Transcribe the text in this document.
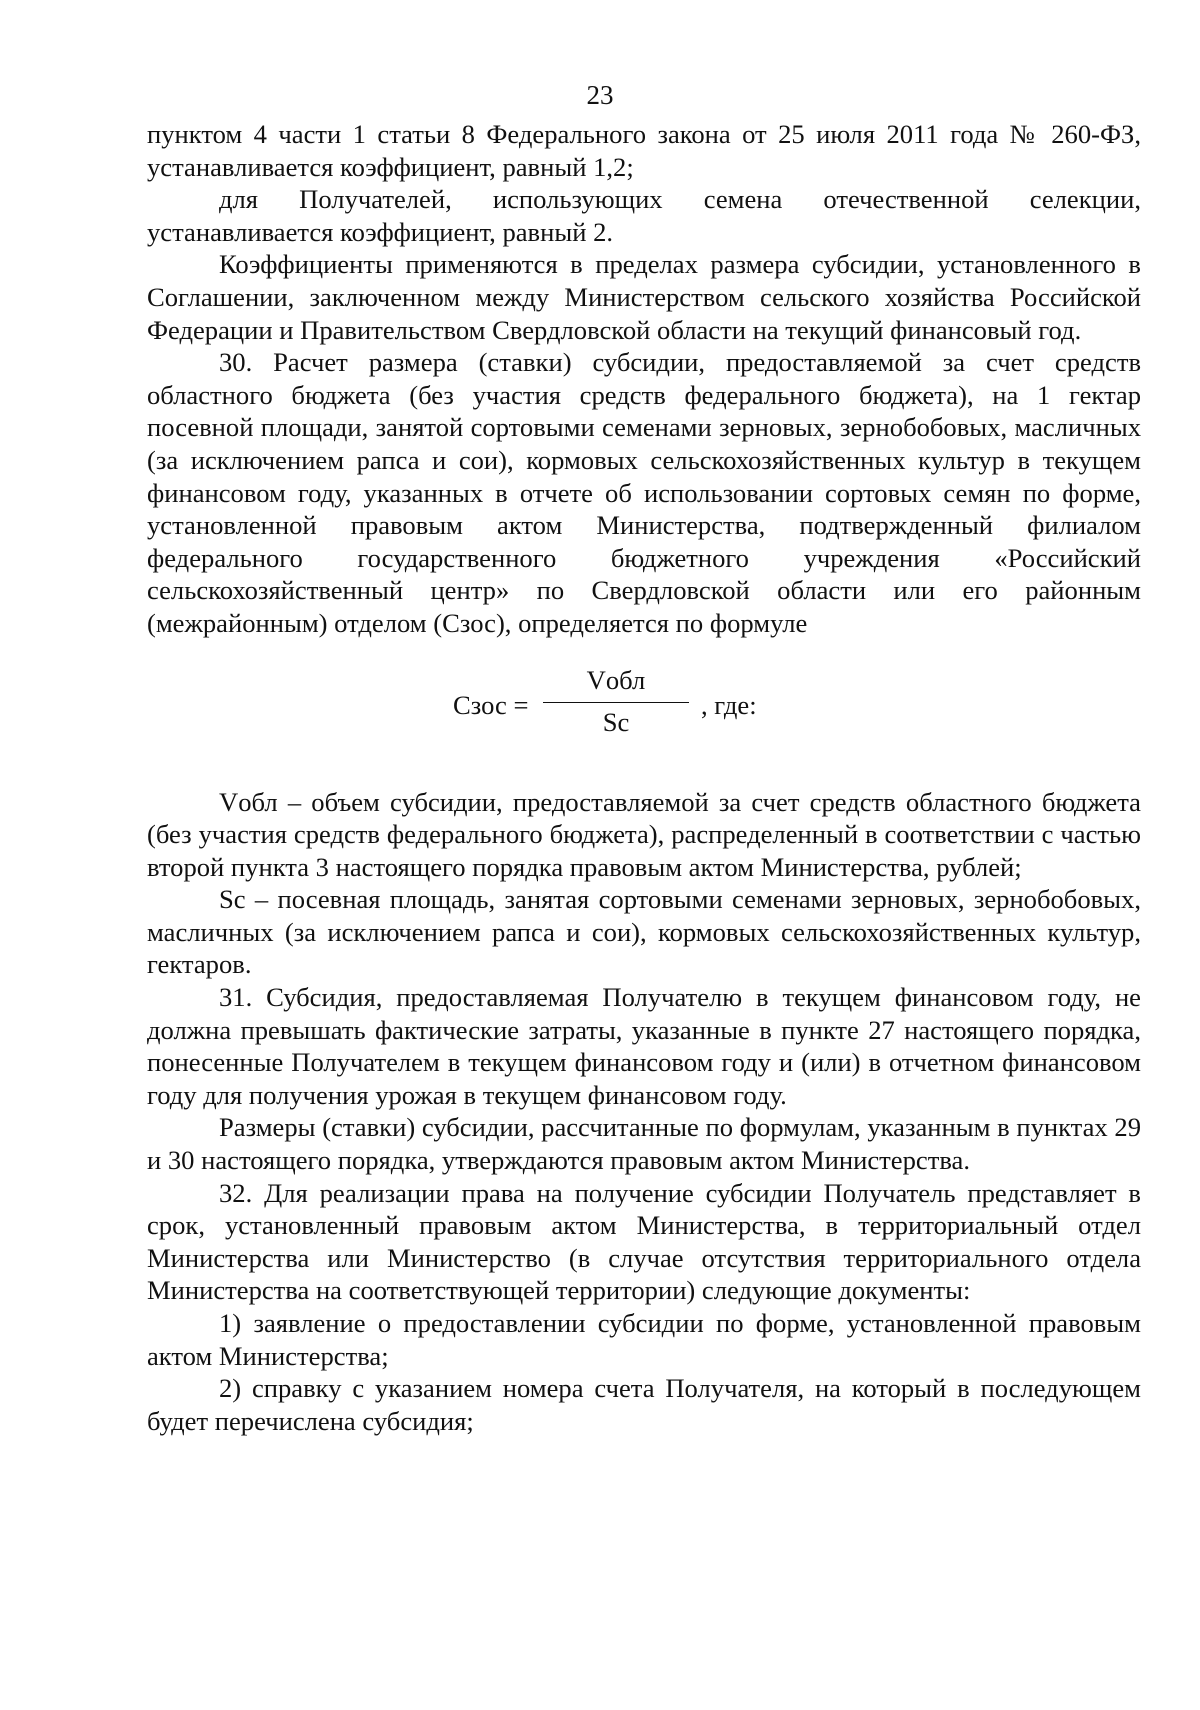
23

пунктом 4 части 1 статьи 8 Федерального закона от 25 июля 2011 года № 260-ФЗ, устанавливается коэффициент, равный 1,2;

для Получателей, использующих семена отечественной селекции, устанавливается коэффициент, равный 2.

Коэффициенты применяются в пределах размера субсидии, установленного в Соглашении, заключенном между Министерством сельского хозяйства Российской Федерации и Правительством Свердловской области на текущий финансовый год.

30. Расчет размера (ставки) субсидии, предоставляемой за счет средств областного бюджета (без участия средств федерального бюджета), на 1 гектар посевной площади, занятой сортовыми семенами зерновых, зернобобовых, масличных (за исключением рапса и сои), кормовых сельскохозяйственных культур в текущем финансовом году, указанных в отчете об использовании сортовых семян по форме, установленной правовым актом Министерства, подтвержденный филиалом федерального государственного бюджетного учреждения «Российский сельскохозяйственный центр» по Свердловской области или его районным (межрайонным) отделом (Сзос), определяется по формуле

Сзос =
Vобл
Sc
, где:

Vобл – объем субсидии, предоставляемой за счет средств областного бюджета (без участия средств федерального бюджета), распределенный в соответствии с частью второй пункта 3 настоящего порядка правовым актом Министерства, рублей;

Sc – посевная площадь, занятая сортовыми семенами зерновых, зернобобовых, масличных (за исключением рапса и сои), кормовых сельскохозяйственных культур, гектаров.

31. Субсидия, предоставляемая Получателю в текущем финансовом году, не должна превышать фактические затраты, указанные в пункте 27 настоящего порядка, понесенные Получателем в текущем финансовом году и (или) в отчетном финансовом году для получения урожая в текущем финансовом году.

Размеры (ставки) субсидии, рассчитанные по формулам, указанным в пунктах 29 и 30 настоящего порядка, утверждаются правовым актом Министерства.

32. Для реализации права на получение субсидии Получатель представляет в срок, установленный правовым актом Министерства, в территориальный отдел Министерства или Министерство (в случае отсутствия территориального отдела Министерства на соответствующей территории) следующие документы:

1) заявление о предоставлении субсидии по форме, установленной правовым актом Министерства;

2) справку с указанием номера счета Получателя, на который в последующем будет перечислена субсидия;
